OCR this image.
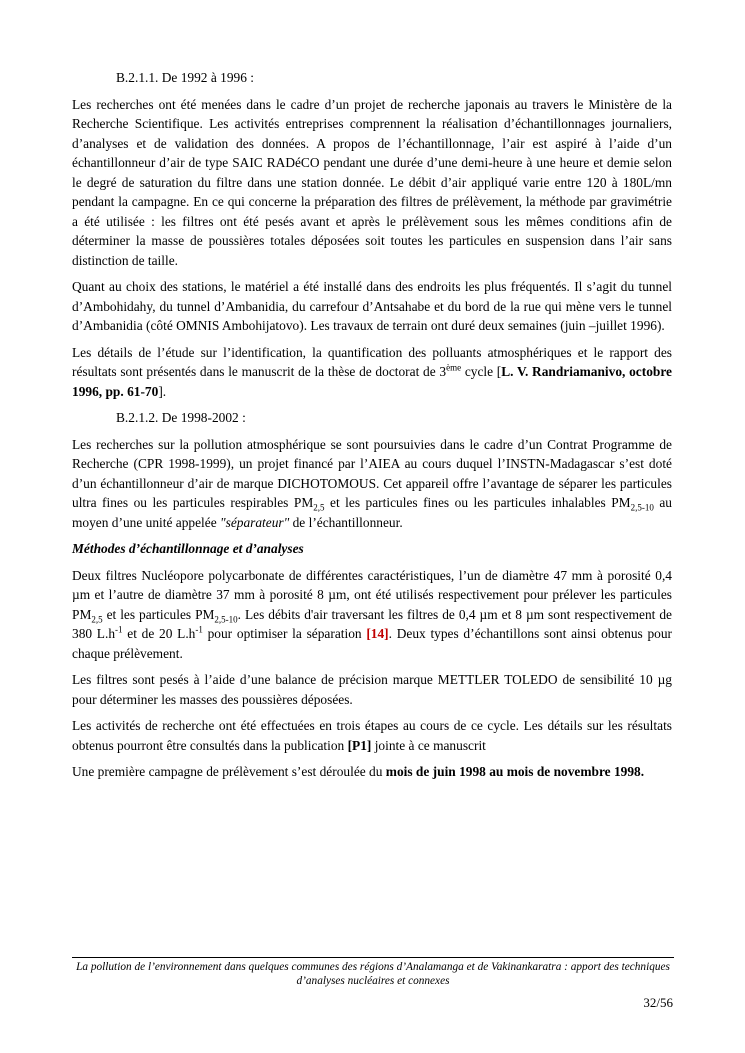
B.2.1.1. De 1992 à 1996 :

Les recherches ont été menées dans le cadre d’un projet de recherche japonais au travers le Ministère de la Recherche Scientifique. Les activités entreprises comprennent la réalisation d’échantillonnages journaliers, d’analyses et de validation des données. A propos de l’échantillonnage, l’air est aspiré à l’aide d’un échantillonneur d’air de type SAIC RADéCO pendant une durée d’une demi-heure à une heure et demie selon le degré de saturation du filtre dans une station donnée. Le débit d’air appliqué varie entre 120 à 180L/mn pendant la campagne. En ce qui concerne la préparation des filtres de prélèvement, la méthode par gravimétrie a été utilisée : les filtres ont été pesés avant et après le prélèvement sous les mêmes conditions afin de déterminer la masse de poussières totales déposées soit toutes les particules en suspension dans l’air sans distinction de taille.

Quant au choix des stations, le matériel a été installé dans des endroits les plus fréquentés. Il s’agit du tunnel d’Ambohidahy, du tunnel d’Ambanidia, du carrefour d’Antsahabe et du bord de la rue qui mène vers le tunnel d’Ambanidia (côté OMNIS Ambohijatovo). Les travaux de terrain ont duré deux semaines (juin –juillet 1996).

Les détails de l’étude sur l’identification, la quantification des polluants atmosphériques et le rapport des résultats sont présentés dans le manuscrit de la thèse de doctorat de 3ème cycle [L. V. Randriamanivo, octobre 1996, pp. 61-70].

B.2.1.2. De 1998-2002 :

Les recherches sur la pollution atmosphérique se sont poursuivies dans le cadre d’un Contrat Programme de Recherche (CPR 1998-1999), un projet financé par l’AIEA au cours duquel l’INSTN-Madagascar s’est doté d’un échantillonneur d’air de marque DICHOTOMOUS. Cet appareil offre l’avantage de séparer les particules ultra fines ou les particules respirables $PM_{2,5}$ et les particules fines ou les particules inhalables $PM_{2,5-10}$ au moyen d’une unité appelée "séparateur" de l’échantillonneur.

Méthodes d’échantillonnage et d’analyses

Deux filtres Nucléopore polycarbonate de différentes caractéristiques, l’un de diamètre 47 mm à porosité 0,4 µm et l’autre de diamètre 37 mm à porosité 8 µm, ont été utilisés respectivement pour prélever les particules $PM_{2,5}$ et les particules $PM_{2,5-10}$. Les débits d'air traversant les filtres de 0,4 µm et 8 µm sont respectivement de 380 $L.h^{-1}$ et de 20 $L.h^{-1}$ pour optimiser la séparation [14]. Deux types d’échantillons sont ainsi obtenus pour chaque prélèvement.

Les filtres sont pesés à l’aide d’une balance de précision marque METTLER TOLEDO de sensibilité 10 µg pour déterminer les masses des poussières déposées.

Les activités de recherche ont été effectuées en trois étapes au cours de ce cycle. Les détails sur les résultats obtenus pourront être consultés dans la publication [P1] jointe à ce manuscrit

Une première campagne de prélèvement s’est déroulée du mois de juin 1998 au mois de novembre 1998.

La pollution de l’environnement dans quelques communes des régions d’Analamanga et de Vakinankaratra : apport des techniques d’analyses nucléaires et connexes
32/56
